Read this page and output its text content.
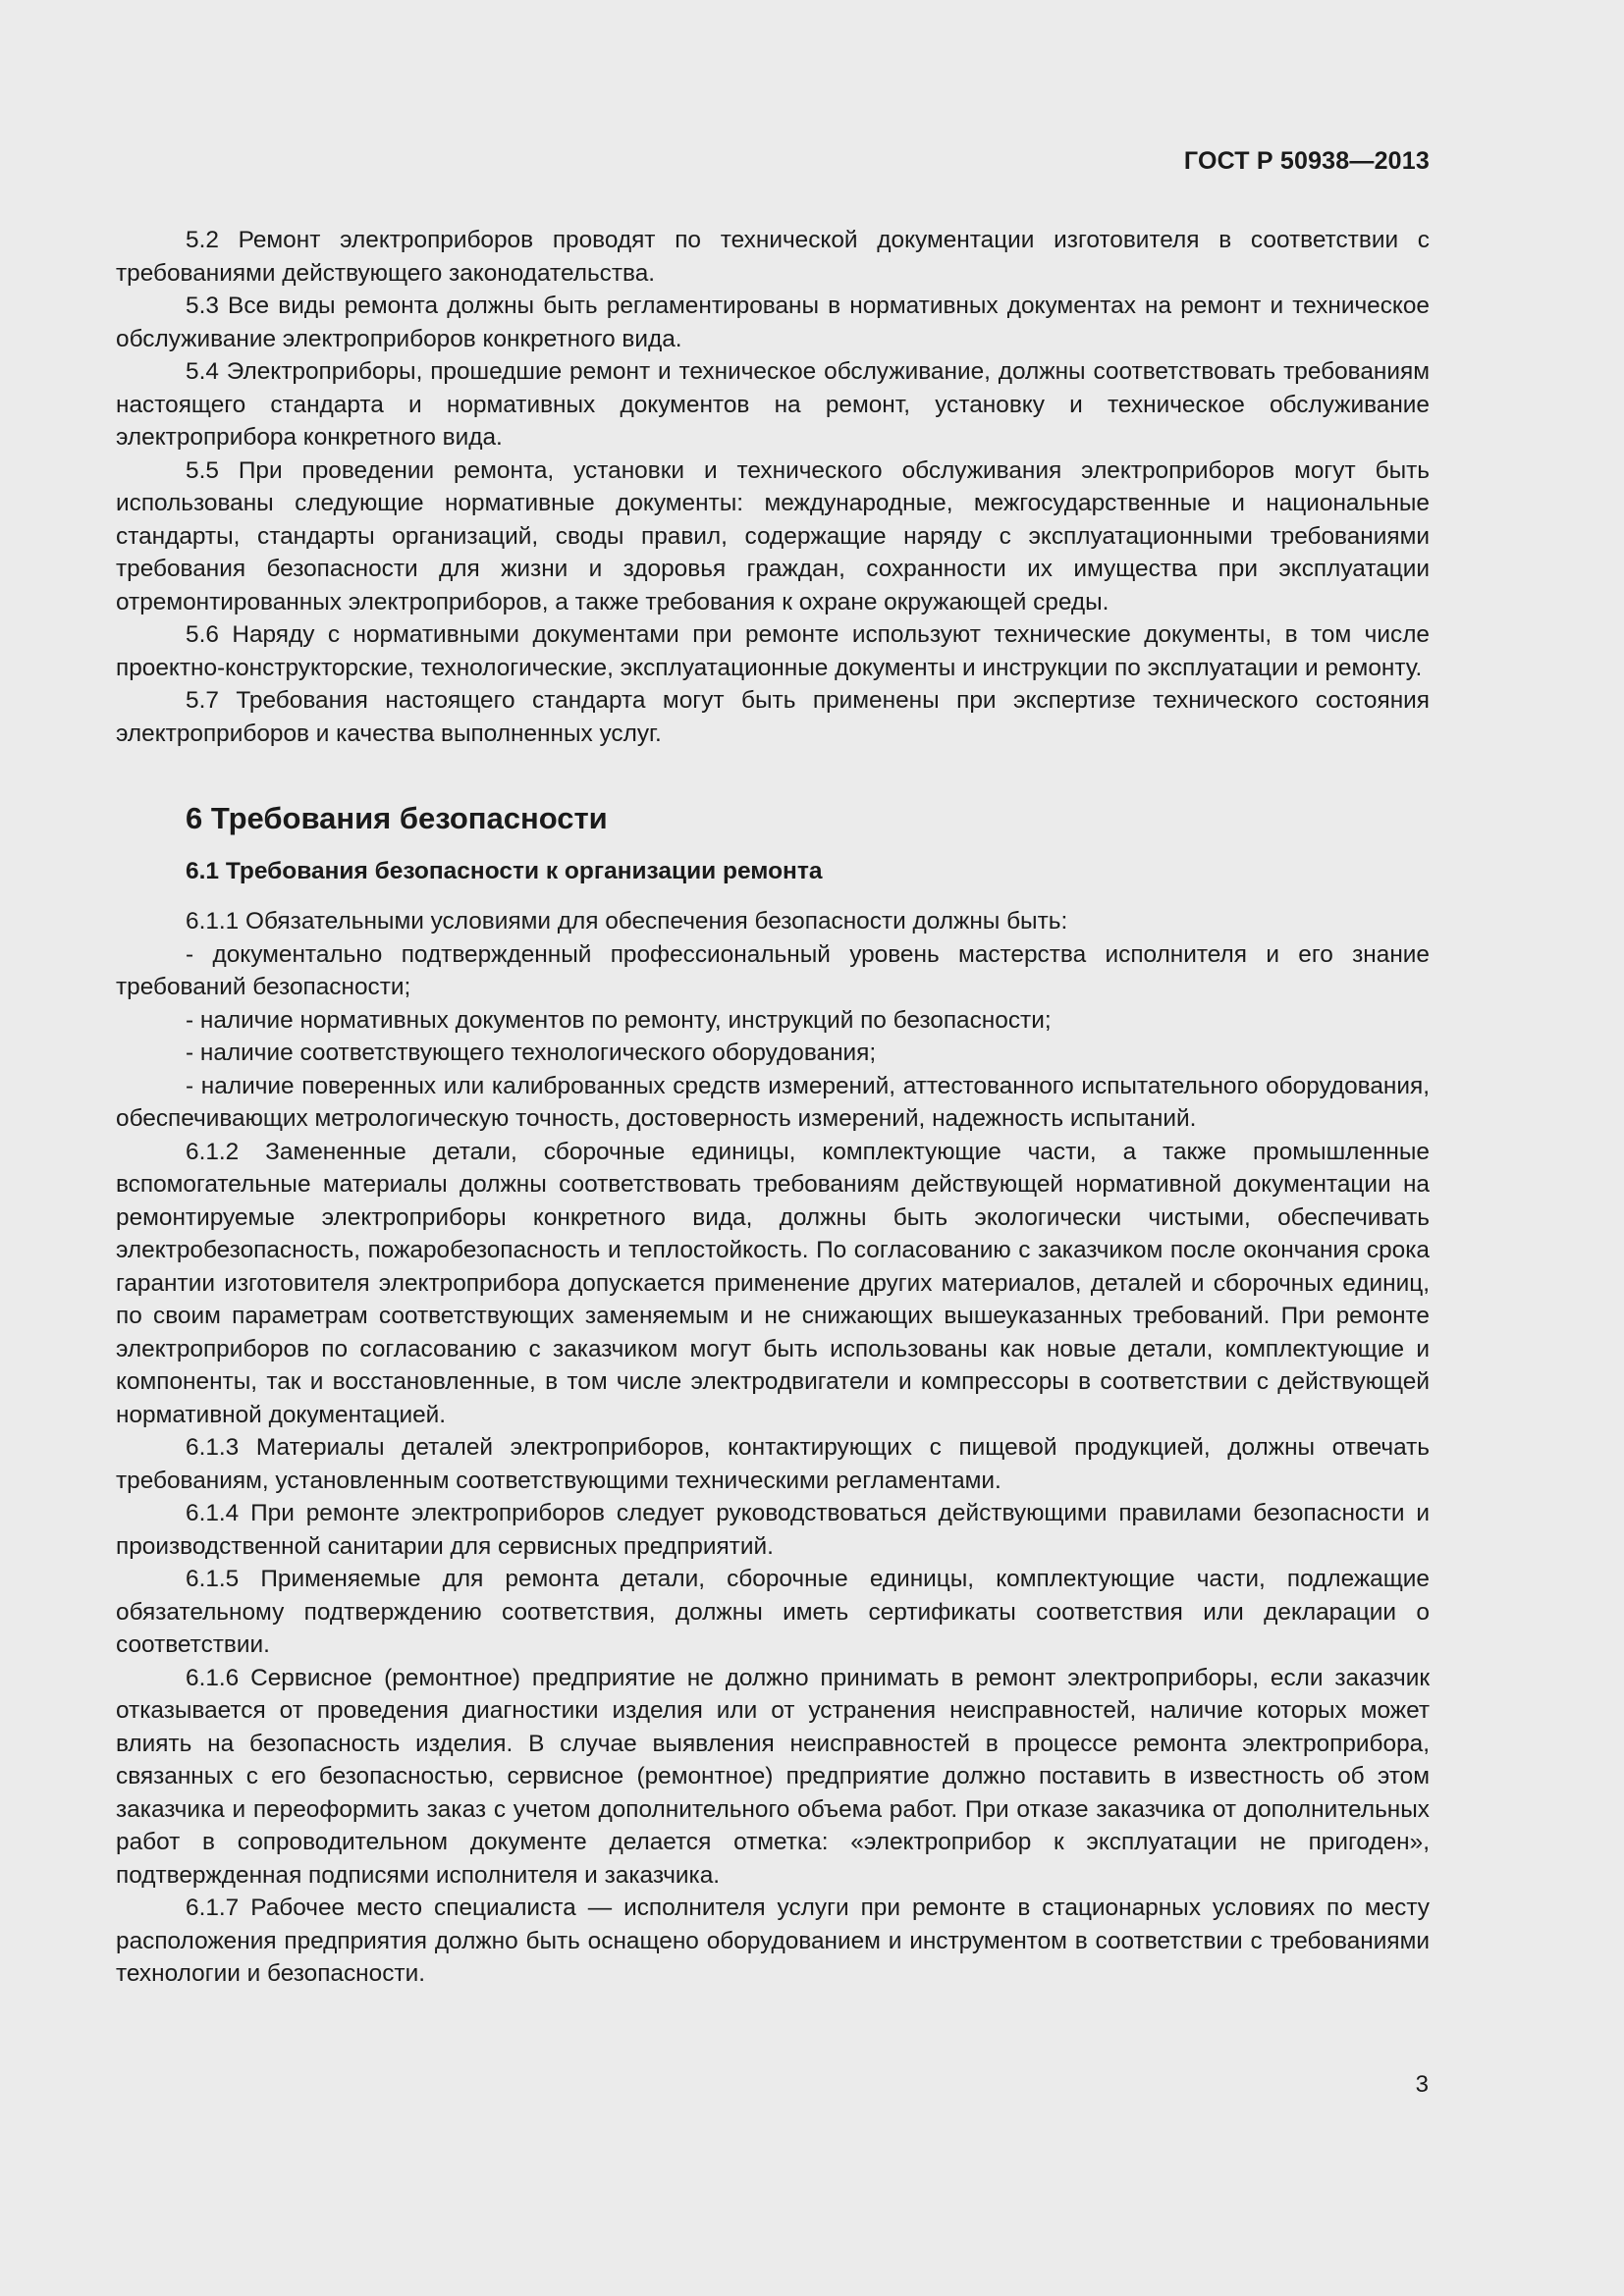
ГОСТ Р 50938—2013

5.2 Ремонт электроприборов проводят по технической документации изготовителя в соответствии с требованиями действующего законодательства.

5.3 Все виды ремонта должны быть регламентированы в нормативных документах на ремонт и техническое обслуживание электроприборов конкретного вида.

5.4 Электроприборы, прошедшие ремонт и техническое обслуживание, должны соответствовать требованиям настоящего стандарта и нормативных документов на ремонт, установку и техническое обслуживание электроприбора конкретного вида.

5.5 При проведении ремонта, установки и технического обслуживания электроприборов могут быть использованы следующие нормативные документы: международные, межгосударственные и национальные стандарты, стандарты организаций, своды правил, содержащие наряду с эксплуатационными требованиями требования безопасности для жизни и здоровья граждан, сохранности их имущества при эксплуатации отремонтированных электроприборов, а также требования к охране окружающей среды.

5.6 Наряду с нормативными документами при ремонте используют технические документы, в том числе проектно-конструкторские, технологические, эксплуатационные документы и инструкции по эксплуатации и ремонту.

5.7 Требования настоящего стандарта могут быть применены при экспертизе технического состояния электроприборов и качества выполненных услуг.

6 Требования безопасности
6.1 Требования безопасности к организации ремонта

6.1.1 Обязательными условиями для обеспечения безопасности должны быть:

- документально подтвержденный профессиональный уровень мастерства исполнителя и его знание требований безопасности;

- наличие нормативных документов по ремонту, инструкций по безопасности;

- наличие соответствующего технологического оборудования;

- наличие поверенных или калиброванных средств измерений, аттестованного испытательного оборудования, обеспечивающих метрологическую точность, достоверность измерений, надежность испытаний.

6.1.2 Замененные детали, сборочные единицы, комплектующие части, а также промышленные вспомогательные материалы должны соответствовать требованиям действующей нормативной документации на ремонтируемые электроприборы конкретного вида, должны быть экологически чистыми, обеспечивать электробезопасность, пожаробезопасность и теплостойкость. По согласованию с заказчиком после окончания срока гарантии изготовителя электроприбора допускается применение других материалов, деталей и сборочных единиц, по своим параметрам соответствующих заменяемым и не снижающих вышеуказанных требований. При ремонте электроприборов по согласованию с заказчиком могут быть использованы как новые детали, комплектующие и компоненты, так и восстановленные, в том числе электродвигатели и компрессоры в соответствии с действующей нормативной документацией.

6.1.3 Материалы деталей электроприборов, контактирующих с пищевой продукцией, должны отвечать требованиям, установленным соответствующими техническими регламентами.

6.1.4 При ремонте электроприборов следует руководствоваться действующими правилами безопасности и производственной санитарии для сервисных предприятий.

6.1.5 Применяемые для ремонта детали, сборочные единицы, комплектующие части, подлежащие обязательному подтверждению соответствия, должны иметь сертификаты соответствия или декларации о соответствии.

6.1.6 Сервисное (ремонтное) предприятие не должно принимать в ремонт электроприборы, если заказчик отказывается от проведения диагностики изделия или от устранения неисправностей, наличие которых может влиять на безопасность изделия. В случае выявления неисправностей в процессе ремонта электроприбора, связанных с его безопасностью, сервисное (ремонтное) предприятие должно поставить в известность об этом заказчика и переоформить заказ с учетом дополнительного объема работ. При отказе заказчика от дополнительных работ в сопроводительном документе делается отметка: «электроприбор к эксплуатации не пригоден», подтвержденная подписями исполнителя и заказчика.

6.1.7 Рабочее место специалиста — исполнителя услуги при ремонте в стационарных условиях по месту расположения предприятия должно быть оснащено оборудованием и инструментом в соответствии с требованиями технологии и безопасности.

3
